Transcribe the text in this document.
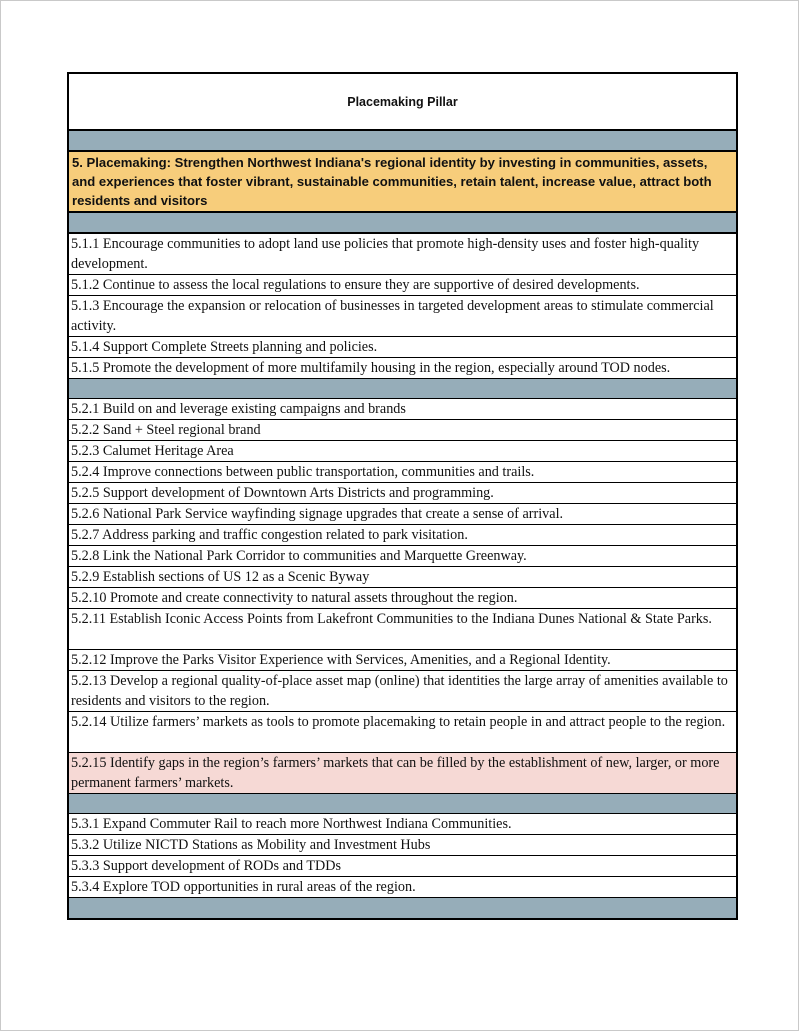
Placemaking Pillar
5. Placemaking: Strengthen Northwest Indiana's regional identity by investing in communities, assets, and experiences that foster vibrant, sustainable communities, retain talent, increase value, attract both residents and visitors
5.1.1 Encourage communities to adopt land use policies that promote high-density uses and foster high-quality development.
5.1.2 Continue to assess the local regulations to ensure they are supportive of desired developments.
5.1.3 Encourage the expansion or relocation of businesses in targeted development areas to stimulate commercial activity.
5.1.4 Support Complete Streets planning and policies.
5.1.5 Promote the development of more multifamily housing in the region, especially around TOD nodes.
5.2.1 Build on and leverage existing campaigns and brands
5.2.2 Sand + Steel regional brand
5.2.3 Calumet Heritage Area
5.2.4 Improve connections between public transportation, communities and trails.
5.2.5 Support development of Downtown Arts Districts and programming.
5.2.6 National Park Service wayfinding signage upgrades that create a sense of arrival.
5.2.7 Address parking and traffic congestion related to park visitation.
5.2.8 Link the National Park Corridor to communities and Marquette Greenway.
5.2.9 Establish sections of US 12 as a Scenic Byway
5.2.10 Promote and create connectivity to natural assets throughout the region.
5.2.11 Establish Iconic Access Points from Lakefront Communities to the Indiana Dunes National & State Parks.
5.2.12 Improve the Parks Visitor Experience with Services, Amenities, and a Regional Identity.
5.2.13 Develop a regional quality-of-place asset map (online) that identities the large array of amenities available to residents and visitors to the region.
5.2.14 Utilize farmers’ markets as tools to promote placemaking to retain people in and attract people to the region.
5.2.15 Identify gaps in the region’s farmers’ markets that can be filled by the establishment of new, larger, or more permanent farmers’ markets.
5.3.1 Expand Commuter Rail to reach more Northwest Indiana Communities.
5.3.2 Utilize NICTD Stations as Mobility and Investment Hubs
5.3.3 Support development of RODs and TDDs
5.3.4 Explore TOD opportunities in rural areas of the region.
